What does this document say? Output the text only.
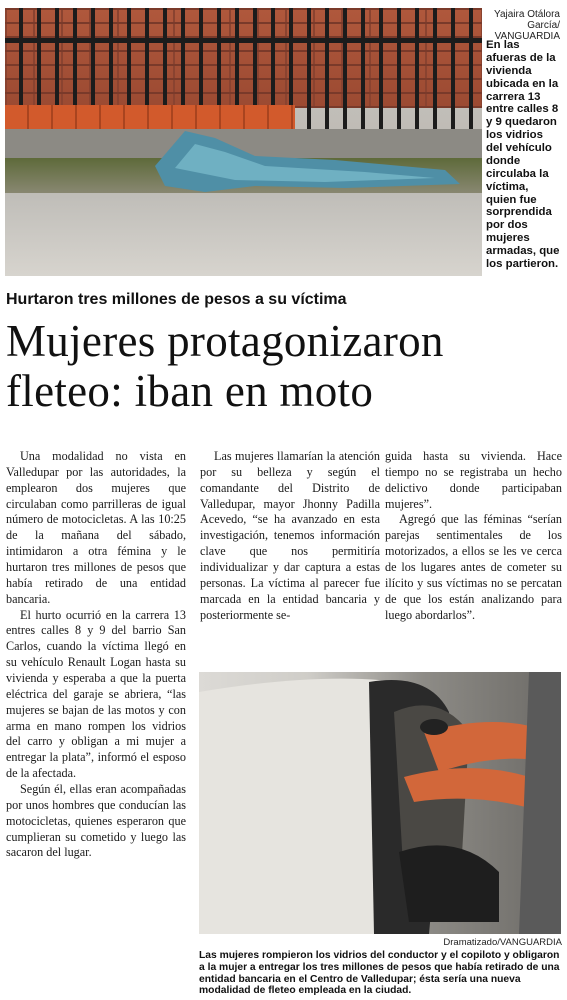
Yajaira Otálora García/ VANGUARDIA
En las afueras de la vivienda ubicada en la carrera 13 entre calles 8 y 9 quedaron los vidrios del vehículo donde circulaba la víctima, quien fue sorprendida por dos mujeres armadas, que los partieron.
Hurtaron tres millones de pesos a su víctima
Mujeres protagonizaron fleteo: iban en moto

Una modalidad no vista en Valledupar por las autoridades, la emplearon dos mujeres que circulaban como parrilleras de igual número de motocicletas. A las 10:25 de la mañana del sábado, intimidaron a otra fémina y le hurtaron tres millones de pesos que había retirado de una entidad bancaria.

El hurto ocurrió en la carrera 13 entres calles 8 y 9 del barrio San Carlos, cuando la víctima llegó en su vehículo Renault Logan hasta su vivienda y esperaba a que la puerta eléctrica del garaje se abriera, “las mujeres se bajan de las motos y con arma en mano rompen los vidrios del carro y obligan a mi mujer a entregar la plata”, informó el esposo de la afectada.

Según él, ellas eran acompañadas por unos hombres que conducían las motocicletas, quienes esperaron que cumplieran su cometido y luego las sacaron del lugar.

Las mujeres llamarían la atención por su belleza y según el comandante del Distrito de Valledupar, mayor Jhonny Padilla Acevedo, “se ha avanzado en esta investigación, tenemos información clave que nos permitiría individualizar y dar captura a estas personas. La víctima al parecer fue marcada en la entidad bancaria y posteriormente se-

guida hasta su vivienda. Hace tiempo no se registraba un hecho delictivo donde participaban mujeres”.

Agregó que las féminas “serían parejas sentimentales de los motorizados, a ellos se les ve cerca de los lugares antes de cometer su ilícito y sus víctimas no se percatan de que los están analizando para luego abordarlos”.

Dramatizado/VANGUARDIA
Las mujeres rompieron los vidrios del conductor y el copiloto y obligaron a la mujer a entregar los tres millones de pesos que había retirado de una entidad bancaria en el Centro de Valledupar; ésta sería una nueva modalidad de fleteo empleada en la ciudad.
